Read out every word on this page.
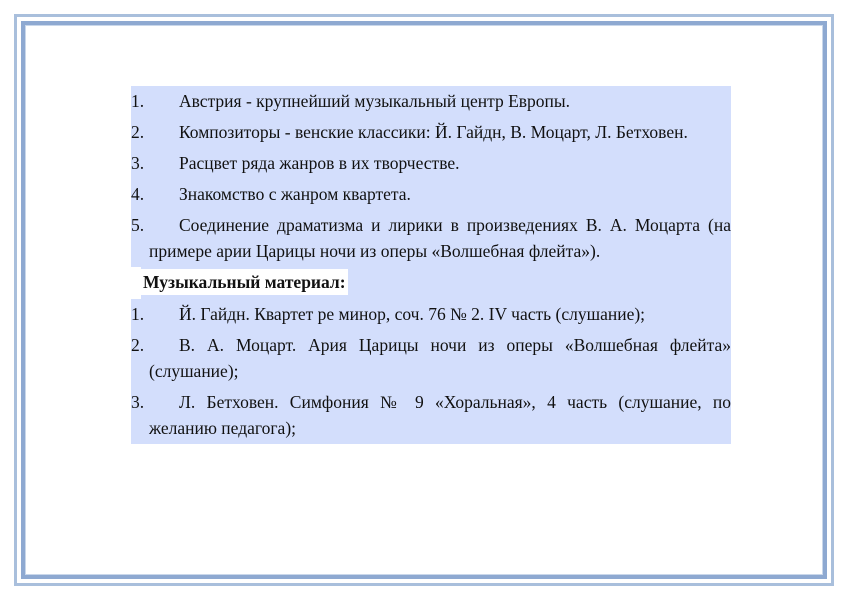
1. Австрия - крупнейший музыкальный центр Европы.

2. Композиторы - венские классики: Й. Гайдн, В. Моцарт, Л. Бетховен.

3. Расцвет ряда жанров в их творчестве.

4. Знакомство с жанром квартета.

5. Соединение драматизма и лирики в произведениях В. А. Моцарта (на примере арии Царицы ночи из оперы «Волшебная флейта»).

Музыкальный материал:

1. Й. Гайдн. Квартет ре минор, соч. 76 № 2. IV часть (слушание);

2. В. А. Моцарт. Ария Царицы ночи из оперы «Волшебная флейта» (слушание);

3. Л. Бетховен. Симфония № 9 «Хоральная», 4 часть (слушание, по желанию педагога);
